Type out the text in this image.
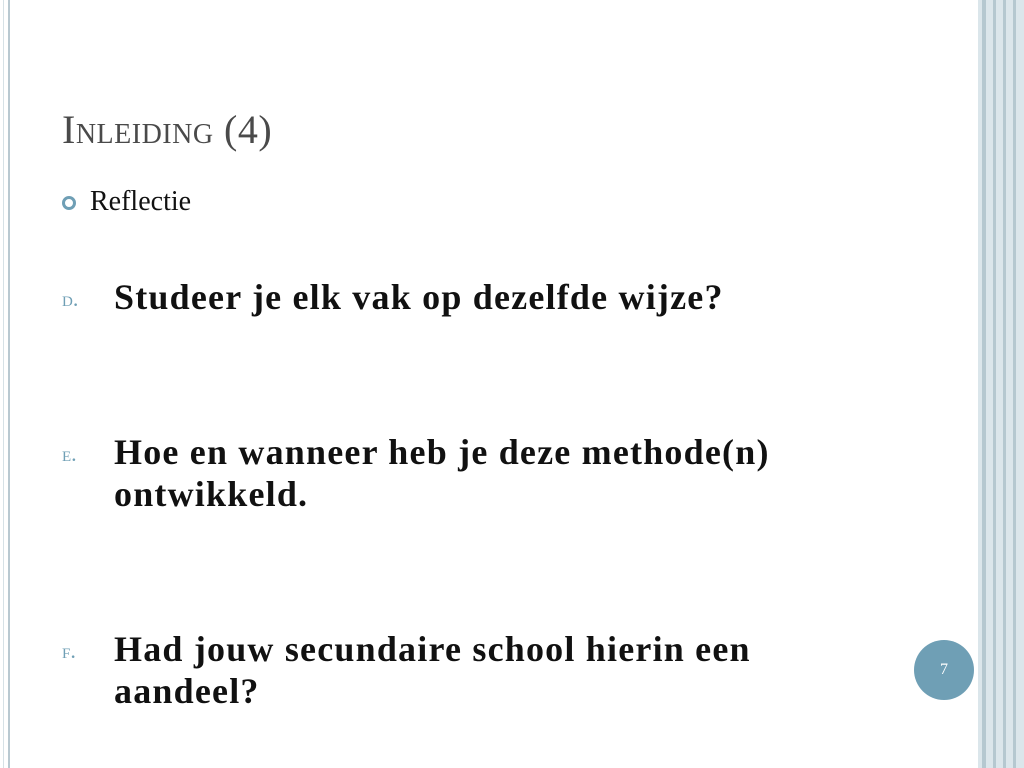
Inleiding (4)
Reflectie
d. Studeer je elk vak op dezelfde wijze?
e.	Hoe en wanneer heb je deze methode(n) ontwikkeld.
f.	Had jouw secundaire school hierin een aandeel?
7
